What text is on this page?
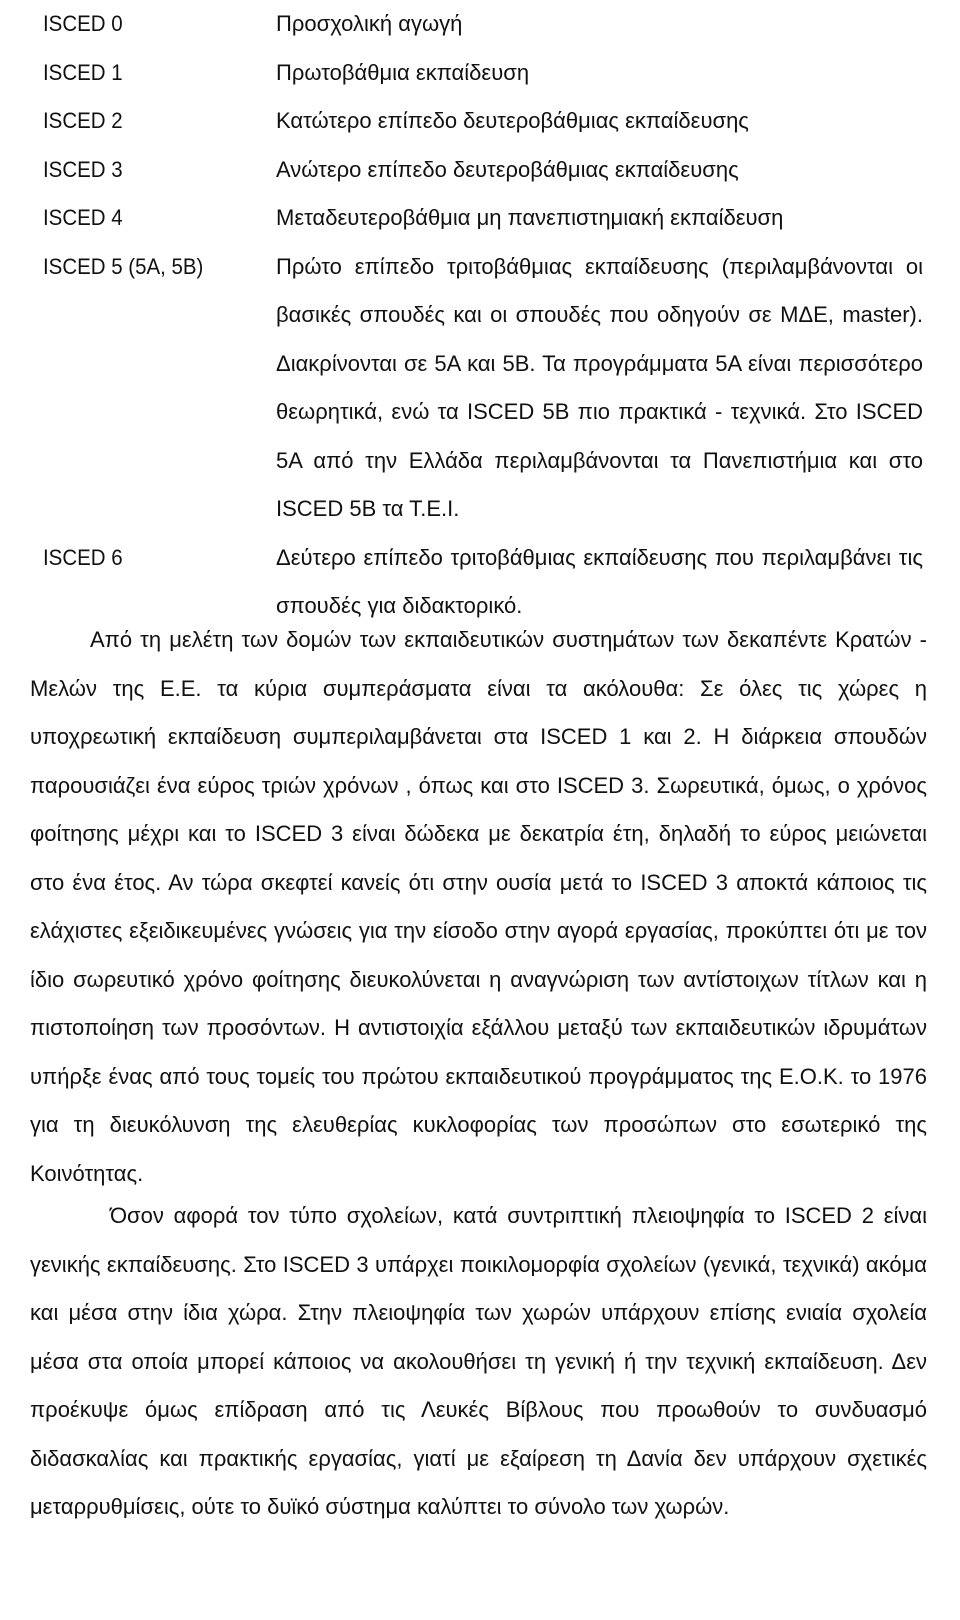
ISCED 0	Προσχολική αγωγή
ISCED 1	Πρωτοβάθμια εκπαίδευση
ISCED 2	Κατώτερο επίπεδο δευτεροβάθμιας εκπαίδευσης
ISCED 3	Ανώτερο επίπεδο δευτεροβάθμιας εκπαίδευσης
ISCED 4	Μεταδευτεροβάθμια μη πανεπιστημιακή εκπαίδευση
ISCED 5 (5A, 5B)	Πρώτο επίπεδο τριτοβάθμιας εκπαίδευσης (περιλαμβάνονται οι βασικές σπουδές και οι σπουδές που οδηγούν σε ΜΔΕ, master). Διακρίνονται σε 5Α και 5Β. Τα προγράμματα 5Α είναι περισσότερο θεωρητικά, ενώ τα ISCED 5B πιο πρακτικά - τεχνικά. Στο ISCED 5A από την Ελλάδα περιλαμβάνονται τα Πανεπιστήμια και στο ISCED 5B τα Τ.Ε.Ι.
ISCED 6	Δεύτερο επίπεδο τριτοβάθμιας εκπαίδευσης που περιλαμβάνει τις σπουδές για διδακτορικό.

Από τη μελέτη των δομών των εκπαιδευτικών συστημάτων των δεκαπέντε Κρατών - Μελών της Ε.Ε. τα κύρια συμπεράσματα είναι τα ακόλουθα: Σε όλες τις χώρες η υποχρεωτική εκπαίδευση συμπεριλαμβάνεται στα ISCED 1 και 2. Η διάρκεια σπουδών παρουσιάζει ένα εύρος τριών χρόνων , όπως και στο ISCED 3. Σωρευτικά, όμως, ο χρόνος φοίτησης μέχρι και το ISCED 3 είναι δώδεκα με δεκατρία έτη, δηλαδή το εύρος μειώνεται στο ένα έτος. Αν τώρα σκεφτεί κανείς ότι στην ουσία μετά το ISCED 3 αποκτά κάποιος τις ελάχιστες εξειδικευμένες γνώσεις για την είσοδο στην αγορά εργασίας, προκύπτει ότι με τον ίδιο σωρευτικό χρόνο φοίτησης διευκολύνεται η αναγνώριση των αντίστοιχων τίτλων και η πιστοποίηση των προσόντων. Η αντιστοιχία εξάλλου μεταξύ των εκπαιδευτικών ιδρυμάτων υπήρξε ένας από τους τομείς του πρώτου εκπαιδευτικού προγράμματος της Ε.Ο.Κ. το 1976 για τη διευκόλυνση της ελευθερίας κυκλοφορίας των προσώπων στο εσωτερικό της Κοινότητας.

Όσον αφορά τον τύπο σχολείων, κατά συντριπτική πλειοψηφία το ISCED 2 είναι γενικής εκπαίδευσης. Στο ISCED 3 υπάρχει ποικιλομορφία σχολείων (γενικά, τεχνικά) ακόμα και μέσα στην ίδια χώρα. Στην πλειοψηφία των χωρών υπάρχουν επίσης ενιαία σχολεία μέσα στα οποία μπορεί κάποιος να ακολουθήσει τη γενική ή την τεχνική εκπαίδευση. Δεν προέκυψε όμως επίδραση από τις Λευκές Βίβλους που προωθούν το συνδυασμό διδασκαλίας και πρακτικής εργασίας, γιατί με εξαίρεση τη Δανία δεν υπάρχουν σχετικές μεταρρυθμίσεις, ούτε το δυϊκό σύστημα καλύπτει το σύνολο των χωρών.
